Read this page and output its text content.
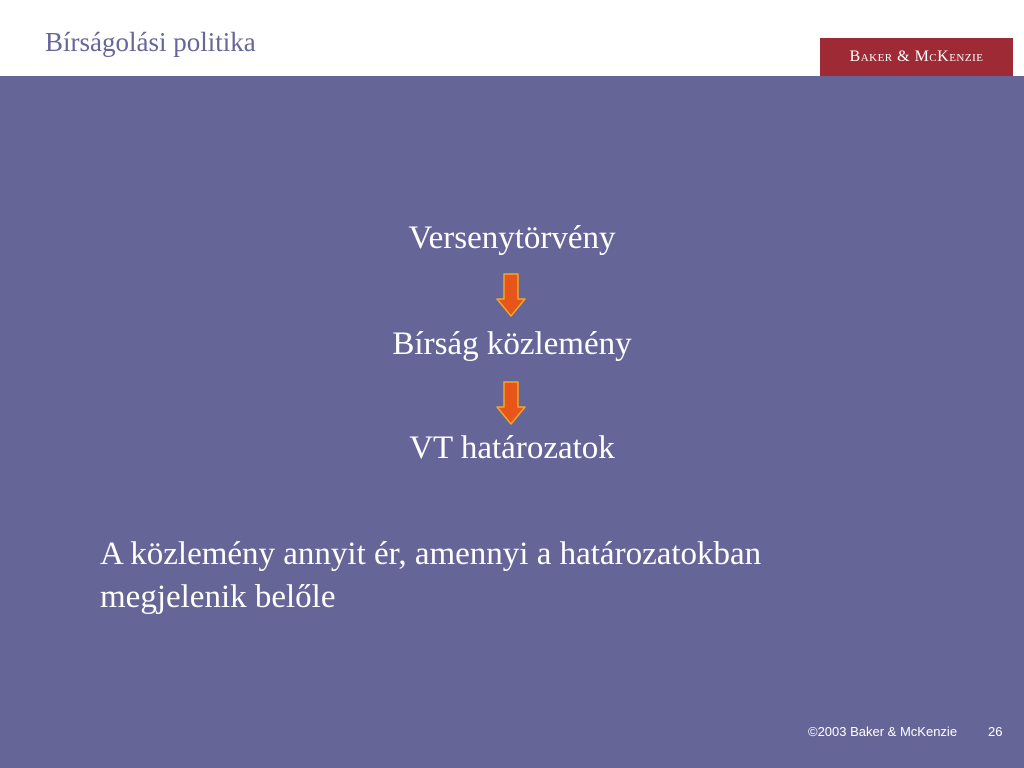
Bírságolási politika	Baker & McKenzie
Versenytörvény
Bírság közlemény
VT határozatok
A közlemény annyit ér, amennyi a határozatokban
megjelenik belőle
©2003 Baker & McKenzie 26
